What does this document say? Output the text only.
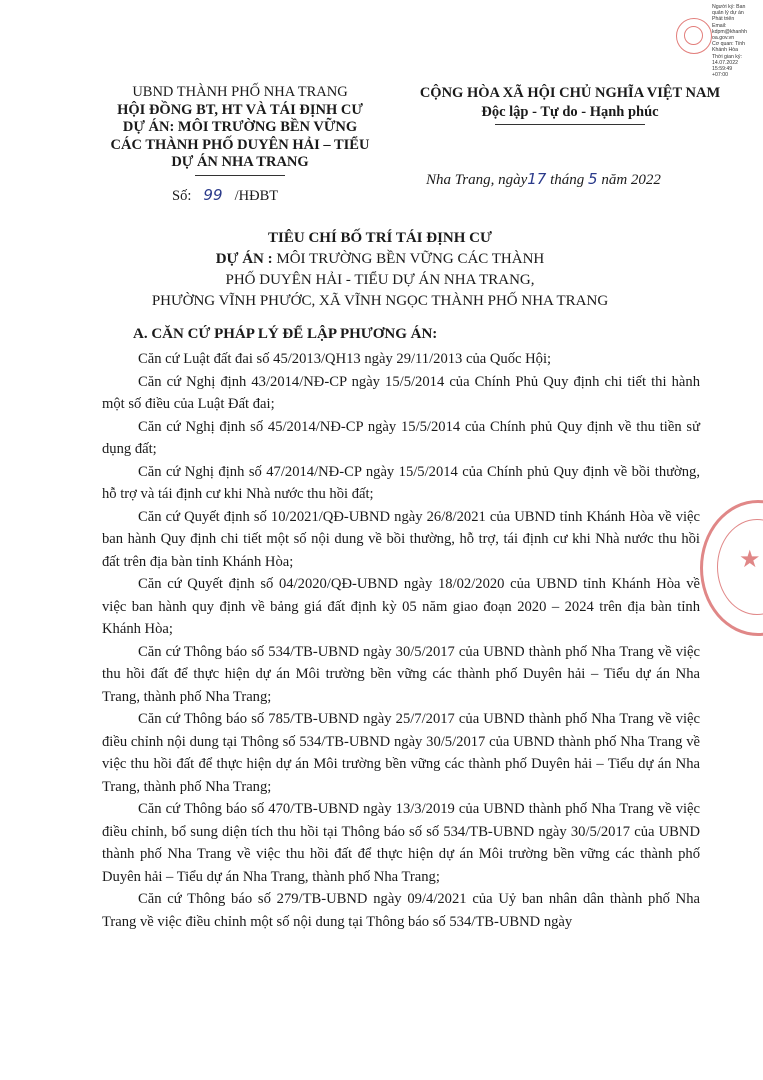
Người ký: Ban
quản lý dự án
Phát triển
Email:
kdpm@khanhh
oa.gov.vn
Cơ quan: Tỉnh
Khánh Hòa
Thời gian ký:
14.07.2022
15:59:49
+07:00
UBND THÀNH PHỐ NHA TRANG
HỘI ĐỒNG BT, HT VÀ TÁI ĐỊNH CƯ
DỰ ÁN: MÔI TRƯỜNG BỀN VỮNG
CÁC THÀNH PHỐ DUYÊN HẢI – TIỂU
DỰ ÁN NHA TRANG
Số: 99 /HĐBT
CỘNG HÒA XÃ HỘI CHỦ NGHĨA VIỆT NAM
Độc lập - Tự do - Hạnh phúc
Nha Trang, ngày17 tháng 5 năm 2022
TIÊU CHÍ BỐ TRÍ TÁI ĐỊNH CƯ
DỰ ÁN : MÔI TRƯỜNG BỀN VỮNG CÁC THÀNH
PHỐ DUYÊN HẢI - TIỂU DỰ ÁN NHA TRANG,
PHƯỜNG VĨNH PHƯỚC, XÃ VĨNH NGỌC THÀNH PHỐ NHA TRANG
A. CĂN CỨ PHÁP LÝ ĐỂ LẬP PHƯƠNG ÁN:

Căn cứ Luật đất đai số 45/2013/QH13 ngày 29/11/2013 của Quốc Hội;

Căn cứ Nghị định 43/2014/NĐ-CP ngày 15/5/2014 của Chính Phủ Quy định chi tiết thi hành một số điều của Luật Đất đai;

Căn cứ Nghị định số 45/2014/NĐ-CP ngày 15/5/2014 của Chính phủ Quy định về thu tiền sử dụng đất;

Căn cứ Nghị định số 47/2014/NĐ-CP ngày 15/5/2014 của Chính phủ Quy định về bồi thường, hỗ trợ và tái định cư khi Nhà nước thu hồi đất;

Căn cứ Quyết định số 10/2021/QĐ-UBND ngày 26/8/2021 của UBND tỉnh Khánh Hòa về việc ban hành Quy định chi tiết một số nội dung về bồi thường, hỗ trợ, tái định cư khi Nhà nước thu hồi đất trên địa bàn tỉnh Khánh Hòa;

Căn cứ Quyết định số 04/2020/QĐ-UBND ngày 18/02/2020 của UBND tỉnh Khánh Hòa về việc ban hành quy định về bảng giá đất định kỳ 05 năm giao đoạn 2020 – 2024 trên địa bàn tỉnh Khánh Hòa;

Căn cứ Thông báo số 534/TB-UBND ngày 30/5/2017 của UBND thành phố Nha Trang về việc thu hồi đất để thực hiện dự án Môi trường bền vững các thành phố Duyên hải – Tiểu dự án Nha Trang, thành phố Nha Trang;

Căn cứ Thông báo số 785/TB-UBND ngày 25/7/2017 của UBND thành phố Nha Trang về việc điều chỉnh nội dung tại Thông số 534/TB-UBND ngày 30/5/2017 của UBND thành phố Nha Trang về việc thu hồi đất để thực hiện dự án Môi trường bền vững các thành phố Duyên hải – Tiểu dự án Nha Trang, thành phố Nha Trang;

Căn cứ Thông báo số 470/TB-UBND ngày 13/3/2019 của UBND thành phố Nha Trang về việc điều chỉnh, bổ sung diện tích thu hồi tại Thông báo số số 534/TB-UBND ngày 30/5/2017 của UBND thành phố Nha Trang về việc thu hồi đất để thực hiện dự án Môi trường bền vững các thành phố Duyên hải – Tiểu dự án Nha Trang, thành phố Nha Trang;

Căn cứ Thông báo số 279/TB-UBND ngày 09/4/2021 của Uỷ ban nhân dân thành phố Nha Trang về việc điều chỉnh một số nội dung tại Thông báo số 534/TB-UBND ngày

★
